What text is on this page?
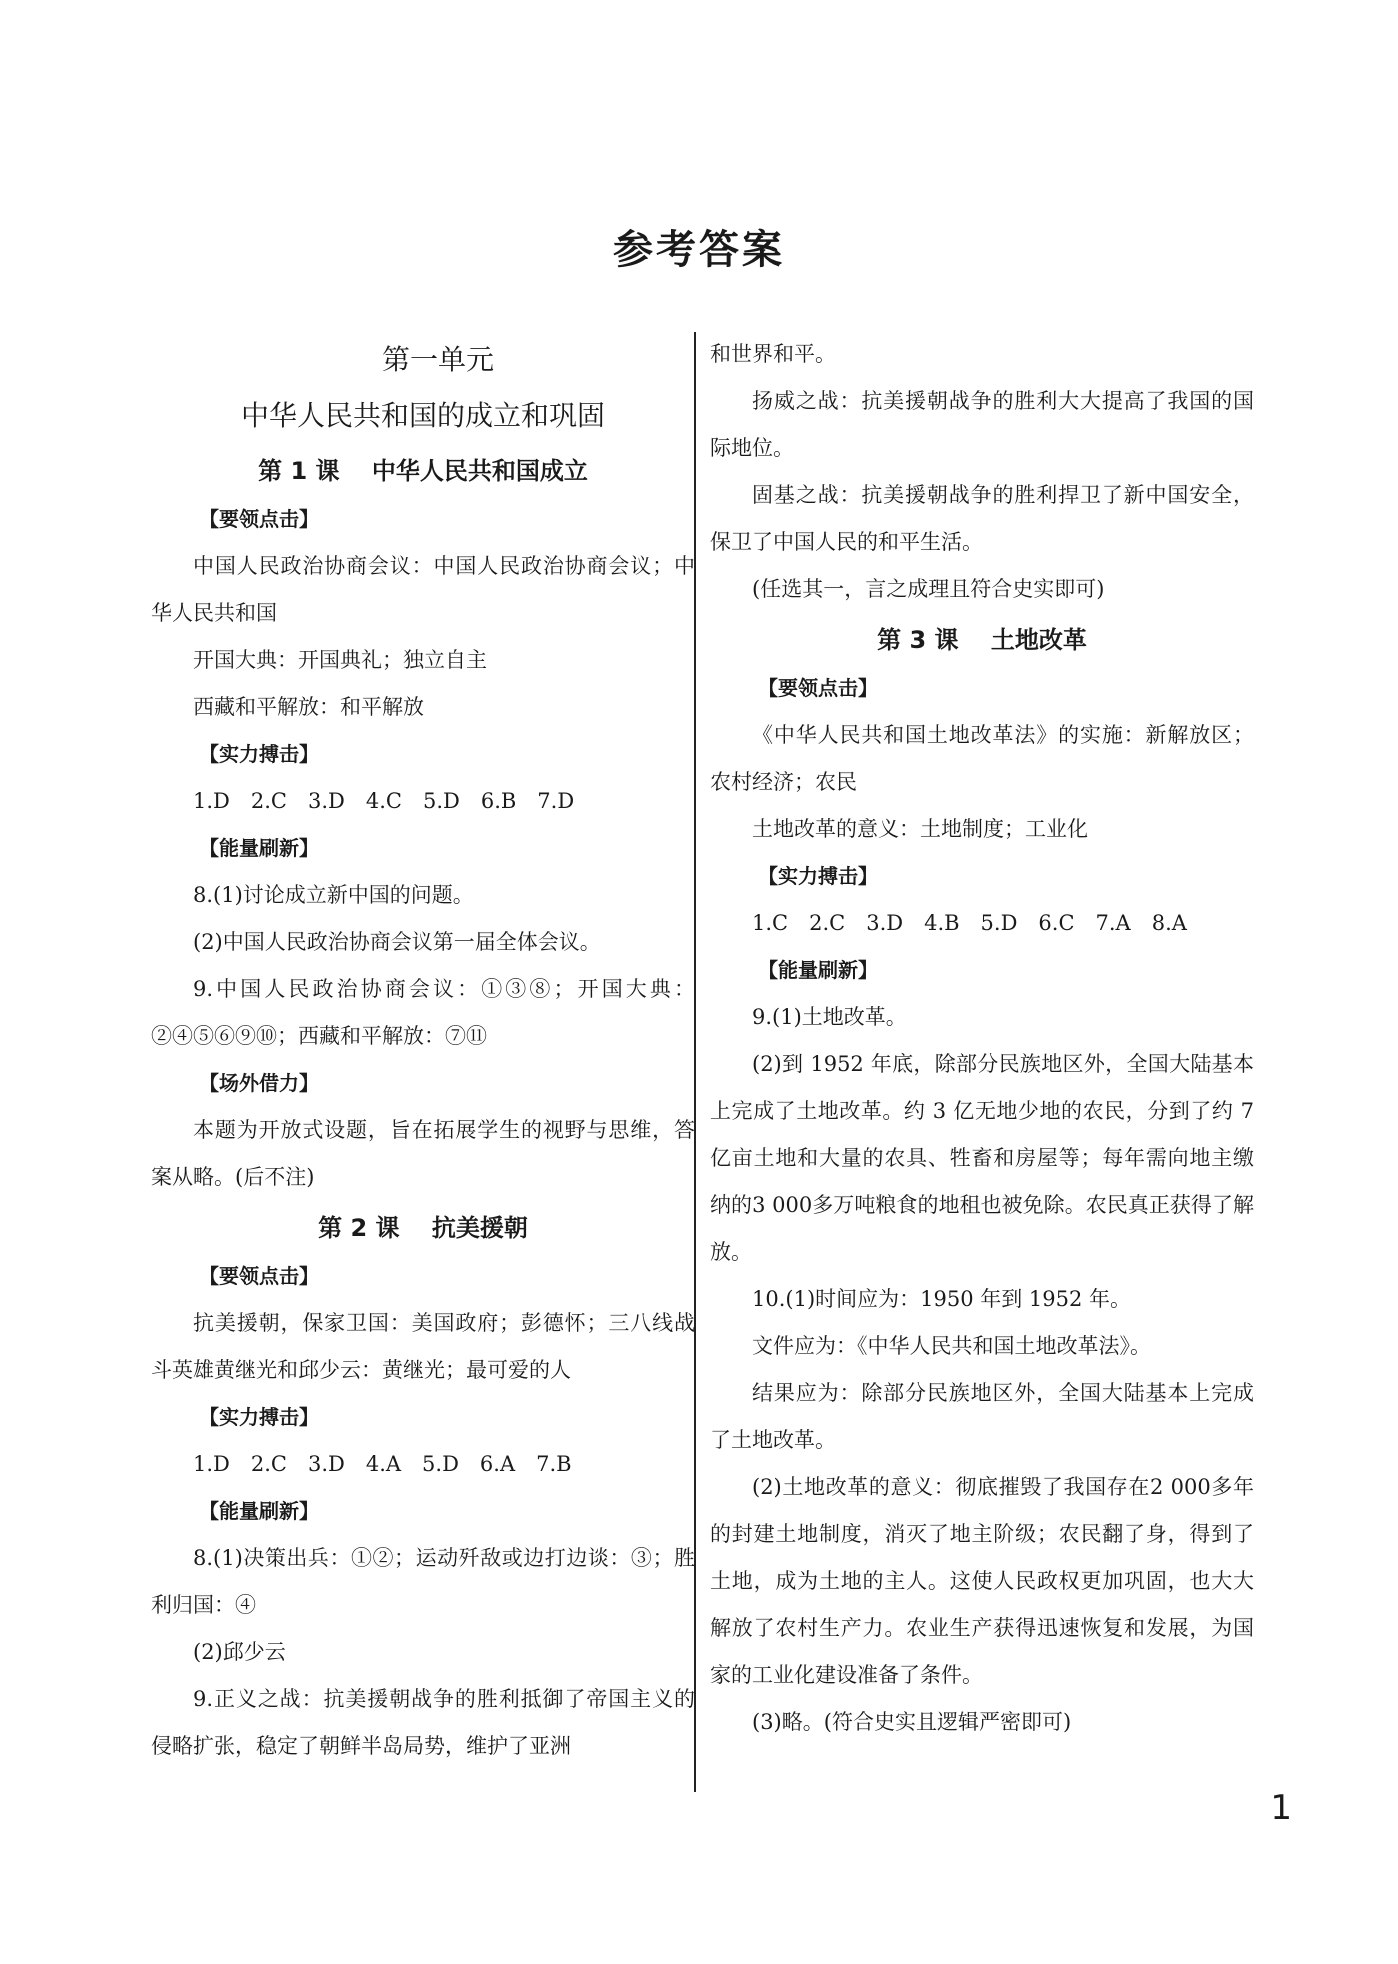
参考答案

第一单元

中华人民共和国的成立和巩固

第 1 课　 中华人民共和国成立

【要领点击】

中国人民政治协商会议：中国人民政治协商会议；中华人民共和国

开国大典：开国典礼；独立自主

西藏和平解放：和平解放

【实力搏击】

1.D　2.C　3.D　4.C　5.D　6.B　7.D

【能量刷新】

8.(1)讨论成立新中国的问题。

(2)中国人民政治协商会议第一届全体会议。

9.中国人民政治协商会议：①③⑧；开国大典：②④⑤⑥⑨⑩；西藏和平解放：⑦⑪

【场外借力】

本题为开放式设题，旨在拓展学生的视野与思维，答案从略。(后不注)

第 2 课　 抗美援朝

【要领点击】

抗美援朝，保家卫国：美国政府；彭德怀；三八线战斗英雄黄继光和邱少云：黄继光；最可爱的人

【实力搏击】

1.D　2.C　3.D　4.A　5.D　6.A　7.B

【能量刷新】

8.(1)决策出兵：①②；运动歼敌或边打边谈：③；胜利归国：④

(2)邱少云

9.正义之战：抗美援朝战争的胜利抵御了帝国主义的侵略扩张，稳定了朝鲜半岛局势，维护了亚洲

和世界和平。

扬威之战：抗美援朝战争的胜利大大提高了我国的国际地位。

固基之战：抗美援朝战争的胜利捍卫了新中国安全，保卫了中国人民的和平生活。

(任选其一，言之成理且符合史实即可)

第 3 课　 土地改革

【要领点击】

《中华人民共和国土地改革法》的实施：新解放区；农村经济；农民

土地改革的意义：土地制度；工业化

【实力搏击】

1.C　2.C　3.D　4.B　5.D　6.C　7.A　8.A

【能量刷新】

9.(1)土地改革。

(2)到 1952 年底，除部分民族地区外，全国大陆基本上完成了土地改革。约 3 亿无地少地的农民，分到了约 7 亿亩土地和大量的农具、牲畜和房屋等；每年需向地主缴纳的3 000多万吨粮食的地租也被免除。农民真正获得了解放。

10.(1)时间应为：1950 年到 1952 年。

文件应为：《中华人民共和国土地改革法》。

结果应为：除部分民族地区外，全国大陆基本上完成了土地改革。

(2)土地改革的意义：彻底摧毁了我国存在2 000多年的封建土地制度，消灭了地主阶级；农民翻了身，得到了土地，成为土地的主人。这使人民政权更加巩固，也大大解放了农村生产力。农业生产获得迅速恢复和发展，为国家的工业化建设准备了条件。

(3)略。(符合史实且逻辑严密即可)

1
